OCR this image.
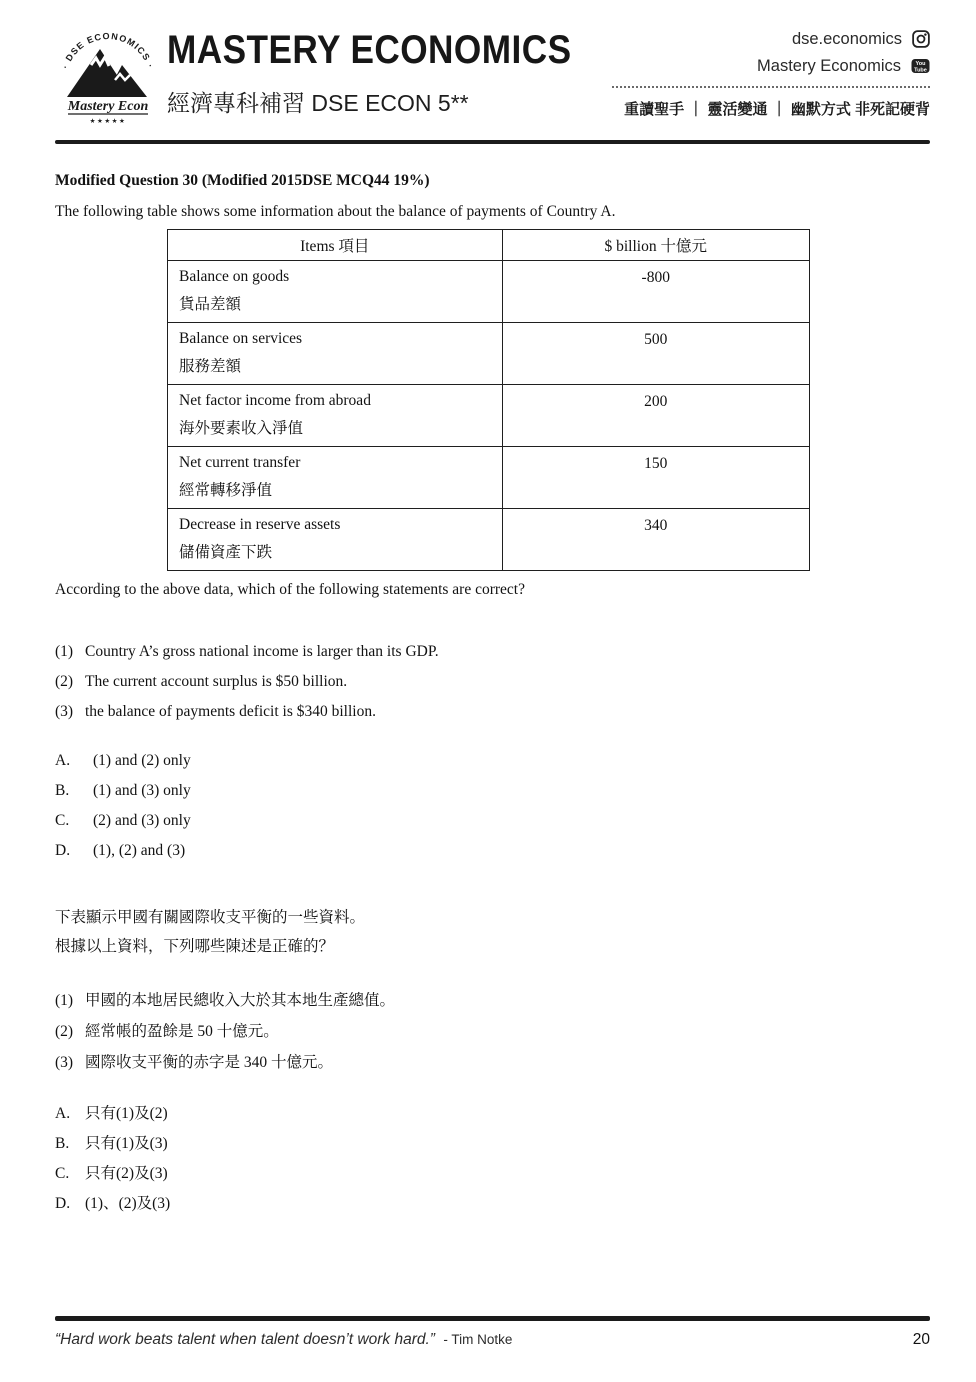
· DSE ECONOMICS ·
Mastery Econ
★★★★★
MASTERY ECONOMICS
經濟專科補習 DSE ECON 5**
dse.economics
Mastery Economics	You
Tube
重讀聖手 ｜ 靈活變通 ｜ 幽默方式 非死記硬背
Modified Question 30 (Modified 2015DSE MCQ44 19%)
The following table shows some information about the balance of payments of Country A.
Items 項目	$ billion 十億元

Balance on goods
貨品差額	-800

Balance on services
服務差額	500

Net factor income from abroad
海外要素收入淨值	200

Net current transfer
經常轉移淨值	150

Decrease in reserve assets
儲備資產下跌	340
According to the above data, which of the following statements are correct?
(1) Country A’s gross national income is larger than its GDP.
(2) The current account surplus is $50 billion.
(3) the balance of payments deficit is $340 billion.
A.	(1) and (2) only
B.	(1) and (3) only
C.	(2) and (3) only
D.	(1), (2) and (3)
下表顯示甲國有關國際收支平衡的一些資料。
根據以上資料，下列哪些陳述是正確的？
(1) 甲國的本地居民總收入大於其本地生產總值。
(2) 經常帳的盈餘是 50 十億元。
(3) 國際收支平衡的赤字是 340 十億元。
A. 只有(1)及(2)
B.	只有(1)及(3)
C.	只有(2)及(3)
D. (1)、(2)及(3)
“Hard work beats talent when talent doesn’t work hard.” - Tim Notke	20
